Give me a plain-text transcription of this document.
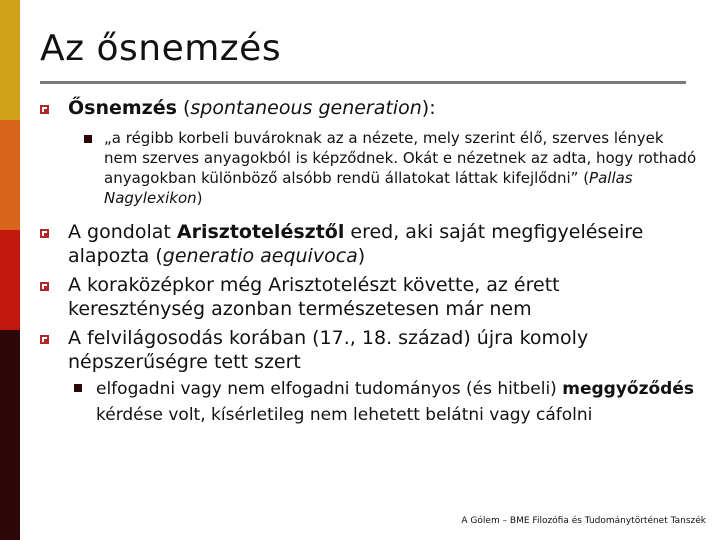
Az ősnemzés
Ősnemzés (spontaneous generation):
„a régibb korbeli buvároknak az a nézete, mely szerint élő, szerves lények nem szerves anyagokból is képződnek. Okát e nézetnek az adta, hogy rothadó anyagokban különböző alsóbb rendü állatokat láttak kifejlődni” (Pallas Nagylexikon)
A gondolat Arisztotelésztől ered, aki saját megfigyeléseire alapozta (generatio aequivoca)
A koraközépkor még Arisztotelészt követte, az érett kereszténység azonban természetesen már nem
A felvilágosodás korában (17., 18. század) újra komoly népszerűségre tett szert
elfogadni vagy nem elfogadni tudományos (és hitbeli) meggyőződés kérdése volt, kísérletileg nem lehetett belátni vagy cáfolni
A Gólem – BME Filozófia és Tudománytörténet Tanszék
